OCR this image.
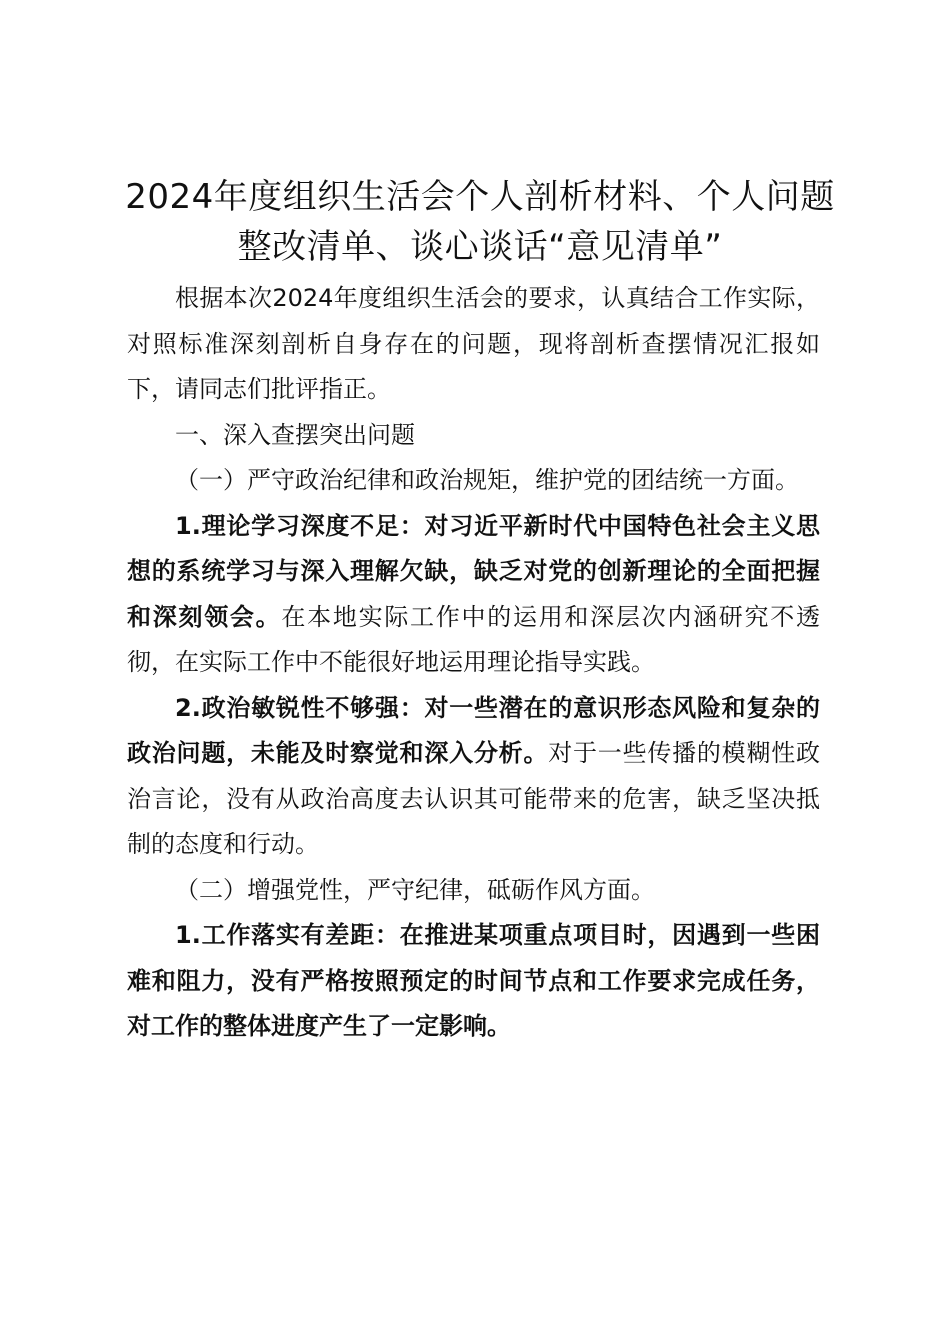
2024年度组织生活会个人剖析材料、个人问题整改清单、谈心谈话“意见清单”

根据本次2024年度组织生活会的要求，认真结合工作实际，对照标准深刻剖析自身存在的问题，现将剖析查摆情况汇报如下，请同志们批评指正。

一、深入查摆突出问题

（一）严守政治纪律和政治规矩，维护党的团结统一方面。

1.理论学习深度不足：对习近平新时代中国特色社会主义思想的系统学习与深入理解欠缺，缺乏对党的创新理论的全面把握和深刻领会。在本地实际工作中的运用和深层次内涵研究不透彻，在实际工作中不能很好地运用理论指导实践。

2.政治敏锐性不够强：对一些潜在的意识形态风险和复杂的政治问题，未能及时察觉和深入分析。对于一些传播的模糊性政治言论，没有从政治高度去认识其可能带来的危害，缺乏坚决抵制的态度和行动。

（二）增强党性，严守纪律，砥砺作风方面。

1.工作落实有差距：在推进某项重点项目时，因遇到一些困难和阻力，没有严格按照预定的时间节点和工作要求完成任务，对工作的整体进度产生了一定影响。
